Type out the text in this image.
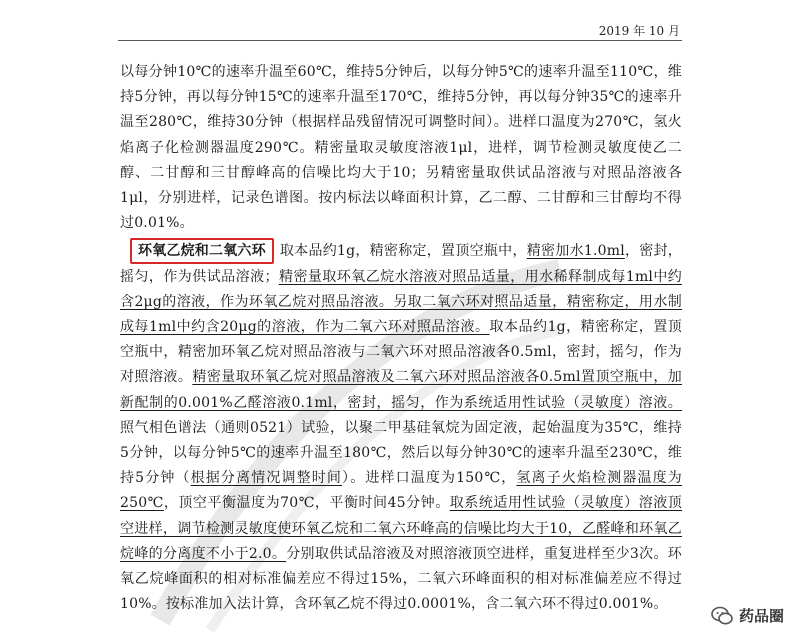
2019 年 10 月

以每分钟10℃的速率升温至60℃，维持5分钟后，以每分钟5℃的速率升温至110℃，维持5分钟，再以每分钟15℃的速率升温至170℃，维持5分钟，再以每分钟35℃的速率升温至280℃，维持30分钟（根据样品残留情况可调整时间）。进样口温度为270℃，氢火焰离子化检测器温度290℃。精密量取灵敏度溶液1μl，进样，调节检测灵敏度使乙二醇、二甘醇和三甘醇峰高的信噪比均大于10；另精密量取供试品溶液与对照品溶液各1μl，分别进样，记录色谱图。按内标法以峰面积计算，乙二醇、二甘醇和三甘醇均不得过0.01%。

环氧乙烷和二氧六环 取本品约1g，精密称定，置顶空瓶中，精密加水1.0ml，密封，摇匀，作为供试品溶液；精密量取环氧乙烷水溶液对照品适量，用水稀释制成每1ml中约含2μg的溶液，作为环氧乙烷对照品溶液。另取二氧六环对照品适量，精密称定，用水制成每1ml中约含20μg的溶液，作为二氧六环对照品溶液。取本品约1g，精密称定，置顶空瓶中，精密加环氧乙烷对照品溶液与二氧六环对照品溶液各0.5ml，密封，摇匀，作为对照溶液。精密量取环氧乙烷对照品溶液及二氧六环对照品溶液各0.5ml置顶空瓶中，加新配制的0.001%乙醛溶液0.1ml，密封，摇匀，作为系统适用性试验（灵敏度）溶液。照气相色谱法（通则0521）试验，以聚二甲基硅氧烷为固定液，起始温度为35℃，维持5分钟，以每分钟5℃的速率升温至180℃，然后以每分钟30℃的速率升温至230℃，维持5分钟（根据分离情况调整时间）。进样口温度为150℃，氢离子火焰检测器温度为250℃，顶空平衡温度为70℃，平衡时间45分钟。取系统适用性试验（灵敏度）溶液顶空进样，调节检测灵敏度使环氧乙烷和二氧六环峰高的信噪比均大于10，乙醛峰和环氧乙烷峰的分离度不小于2.0。分别取供试品溶液及对照溶液顶空进样，重复进样至少3次。环氧乙烷峰面积的相对标准偏差应不得过15%，二氧六环峰面积的相对标准偏差应不得过10%。按标准加入法计算，含环氧乙烷不得过0.0001%，含二氧六环不得过0.001%。

药品圈
